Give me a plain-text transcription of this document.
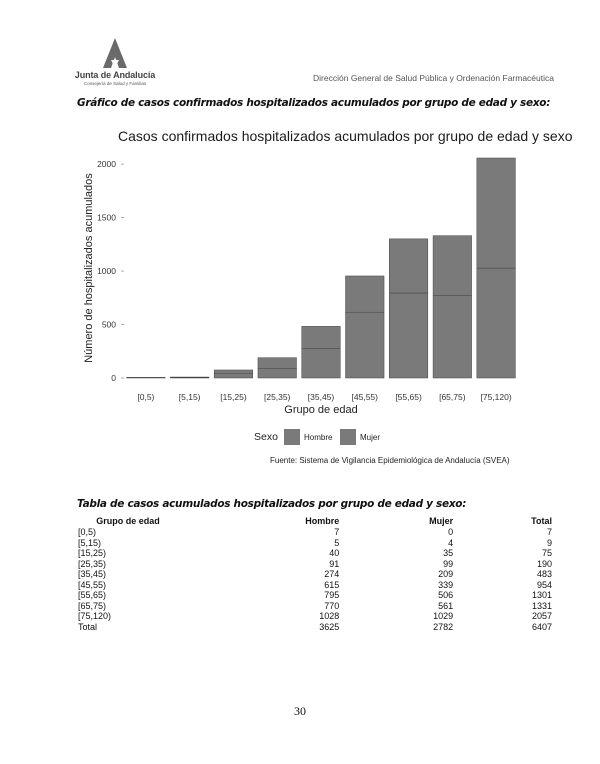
Junta de Andalucía
Consejería de Salud y Familias
Dirección General de Salud Pública y Ordenación Farmacéutica
Gráfico de casos confirmados hospitalizados acumulados por grupo de edad y sexo:
Casos confirmados hospitalizados acumulados por grupo de edad y sexo
0
500
1000
1500
2000
[0,5)	[5,15) [15,25) [25,35) [35,45) [45,55) [55,65) [65,75) [75,120)
Grupo de edad
Número de hospitalizados acumulados
Sexo	Hombre	Mujer
Fuente: Sistema de Vigilancia Epidemiológica de Andalucía (SVEA)
Tabla de casos acumulados hospitalizados por grupo de edad y sexo:
Grupo de edad	Hombre	Mujer	Total
[0,5)	7	0	7
[5,15)	5	4	9
[15,25)	40	35	75
[25,35)	91	99	190
[35,45)	274	209	483
[45,55)	615	339	954
[55,65)	795	506	1301
[65,75)	770	561	1331
[75,120)	1028	1029	2057
Total	3625	2782	6407
30
